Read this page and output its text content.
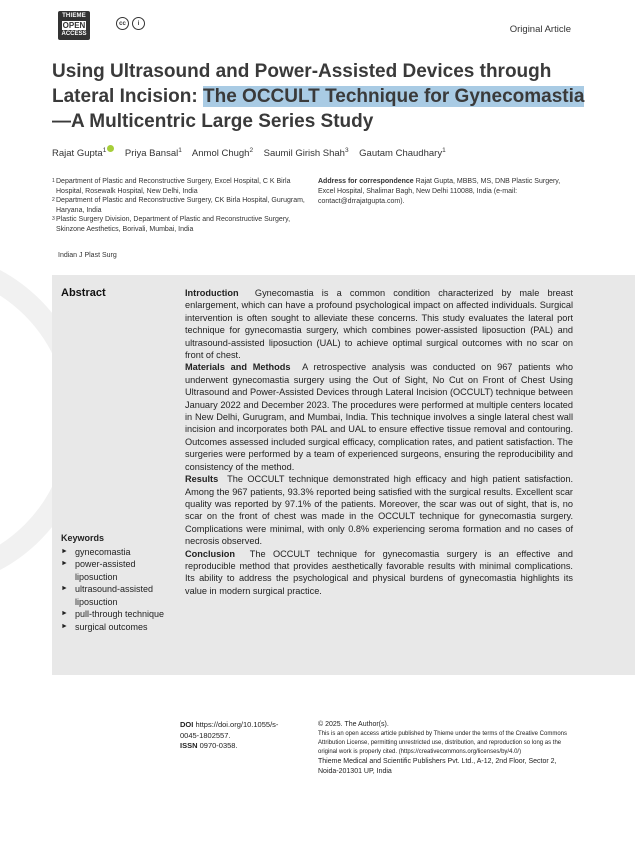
THIEME
OPEN
ACCESS
cc	i
Original Article
Using Ultrasound and Power-Assisted Devices through Lateral Incision: The OCCULT Technique for Gynecomastia—A Multicentric Large Series Study
Rajat Gupta$^1$ Priya Bansal$^1$ Anmol Chugh$^2$ Saumil Girish Shah$^3$ Gautam Chaudhary$^1$
1 Department of Plastic and Reconstructive Surgery, Excel Hospital, C K Birla Hospital, Rosewalk Hospital, New Delhi, India
2 Department of Plastic and Reconstructive Surgery, CK Birla Hospital, Gurugram, Haryana, India
3 Plastic Surgery Division, Department of Plastic and Reconstructive Surgery, Skinzone Aesthetics, Borivali, Mumbai, India
Address for correspondence Rajat Gupta, MBBS, MS, DNB Plastic Surgery, Excel Hospital, Shalimar Bagh, New Delhi 110088, India (e-mail: contact@drrajatgupta.com).
Indian J Plast Surg
Abstract	Introduction Gynecomastia is a common condition characterized by male breast enlargement, which can have a profound psychological impact on affected individuals. Surgical intervention is often sought to alleviate these concerns. This study evaluates the lateral port technique for gynecomastia surgery, which combines power-assisted liposuction (PAL) and ultrasound-assisted liposuction (UAL) to achieve optimal surgical outcomes with no scar on front of chest.

Materials and Methods A retrospective analysis was conducted on 967 patients who underwent gynecomastia surgery using the Out of Sight, No Cut on Front of Chest Using Ultrasound and Power-Assisted Devices through Lateral Incision (OCCULT) technique between January 2022 and December 2023. The procedures were performed at multiple centers located in New Delhi, Gurugram, and Mumbai, India. This technique involves a single lateral chest wall incision and incorporates both PAL and UAL to ensure effective tissue removal and contouring. Outcomes assessed included surgical efficacy, complication rates, and patient satisfaction. The surgeries were performed by a team of experienced surgeons, ensuring the reproducibility and consistency of the method.

Results The OCCULT technique demonstrated high efficacy and high patient satisfaction. Among the 967 patients, 93.3% reported being satisfied with the surgical results. Excellent scar quality was reported by 97.1% of the patients. Moreover, the scar was out of sight, that is, no scar on the front of chest was made in the OCCULT technique for gynecomastia surgery. Complications were minimal, with only 0.8% experiencing seroma formation and no cases of necrosis observed.

Conclusion The OCCULT technique for gynecomastia surgery is an effective and reproducible method that provides aesthetically favorable results with minimal complications. Its ability to address the psychological and physical burdens of gynecomastia highlights its value in modern surgical practice.

Keywords
► gynecomastia
► power-assisted liposuction
► ultrasound-assisted liposuction
► pull-through technique
► surgical outcomes
DOI https://doi.org/10.1055/s-0045-1802557.
ISSN 0970-0358.
© 2025. The Author(s).
This is an open access article published by Thieme under the terms of the Creative Commons Attribution License, permitting unrestricted use, distribution, and reproduction so long as the original work is properly cited. (https://creativecommons.org/licenses/by/4.0/)
Thieme Medical and Scientific Publishers Pvt. Ltd., A-12, 2nd Floor, Sector 2, Noida-201301 UP, India
